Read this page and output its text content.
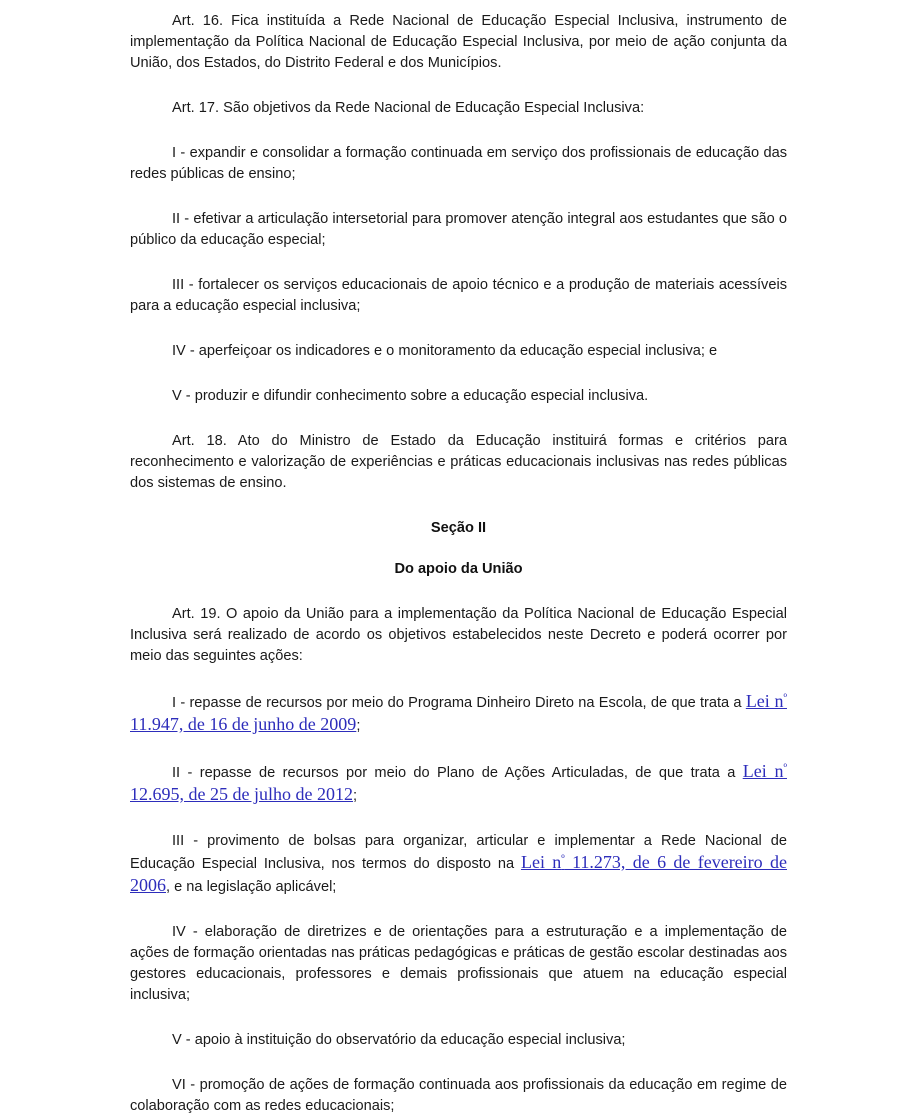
Art. 16. Fica instituída a Rede Nacional de Educação Especial Inclusiva, instrumento de implementação da Política Nacional de Educação Especial Inclusiva, por meio de ação conjunta da União, dos Estados, do Distrito Federal e dos Municípios.

Art. 17. São objetivos da Rede Nacional de Educação Especial Inclusiva:

I - expandir e consolidar a formação continuada em serviço dos profissionais de educação das redes públicas de ensino;

II - efetivar a articulação intersetorial para promover atenção integral aos estudantes que são o público da educação especial;

III - fortalecer os serviços educacionais de apoio técnico e a produção de materiais acessíveis para a educação especial inclusiva;

IV - aperfeiçoar os indicadores e o monitoramento da educação especial inclusiva; e

V - produzir e difundir conhecimento sobre a educação especial inclusiva.

Art. 18. Ato do Ministro de Estado da Educação instituirá formas e critérios para reconhecimento e valorização de experiências e práticas educacionais inclusivas nas redes públicas dos sistemas de ensino.

Seção II

Do apoio da União

Art. 19. O apoio da União para a implementação da Política Nacional de Educação Especial Inclusiva será realizado de acordo os objetivos estabelecidos neste Decreto e poderá ocorrer por meio das seguintes ações:

I - repasse de recursos por meio do Programa Dinheiro Direto na Escola, de que trata a Lei n$^º$ 11.947, de 16 de junho de 2009;

II - repasse de recursos por meio do Plano de Ações Articuladas, de que trata a Lei n$^º$ 12.695, de 25 de julho de 2012;

III - provimento de bolsas para organizar, articular e implementar a Rede Nacional de Educação Especial Inclusiva, nos termos do disposto na Lei n$^º$ 11.273, de 6 de fevereiro de 2006, e na legislação aplicável;

IV - elaboração de diretrizes e de orientações para a estruturação e a implementação de ações de formação orientadas nas práticas pedagógicas e práticas de gestão escolar destinadas aos gestores educacionais, professores e demais profissionais que atuem na educação especial inclusiva;

V - apoio à instituição do observatório da educação especial inclusiva;

VI - promoção de ações de formação continuada aos profissionais da educação em regime de colaboração com as redes educacionais;
